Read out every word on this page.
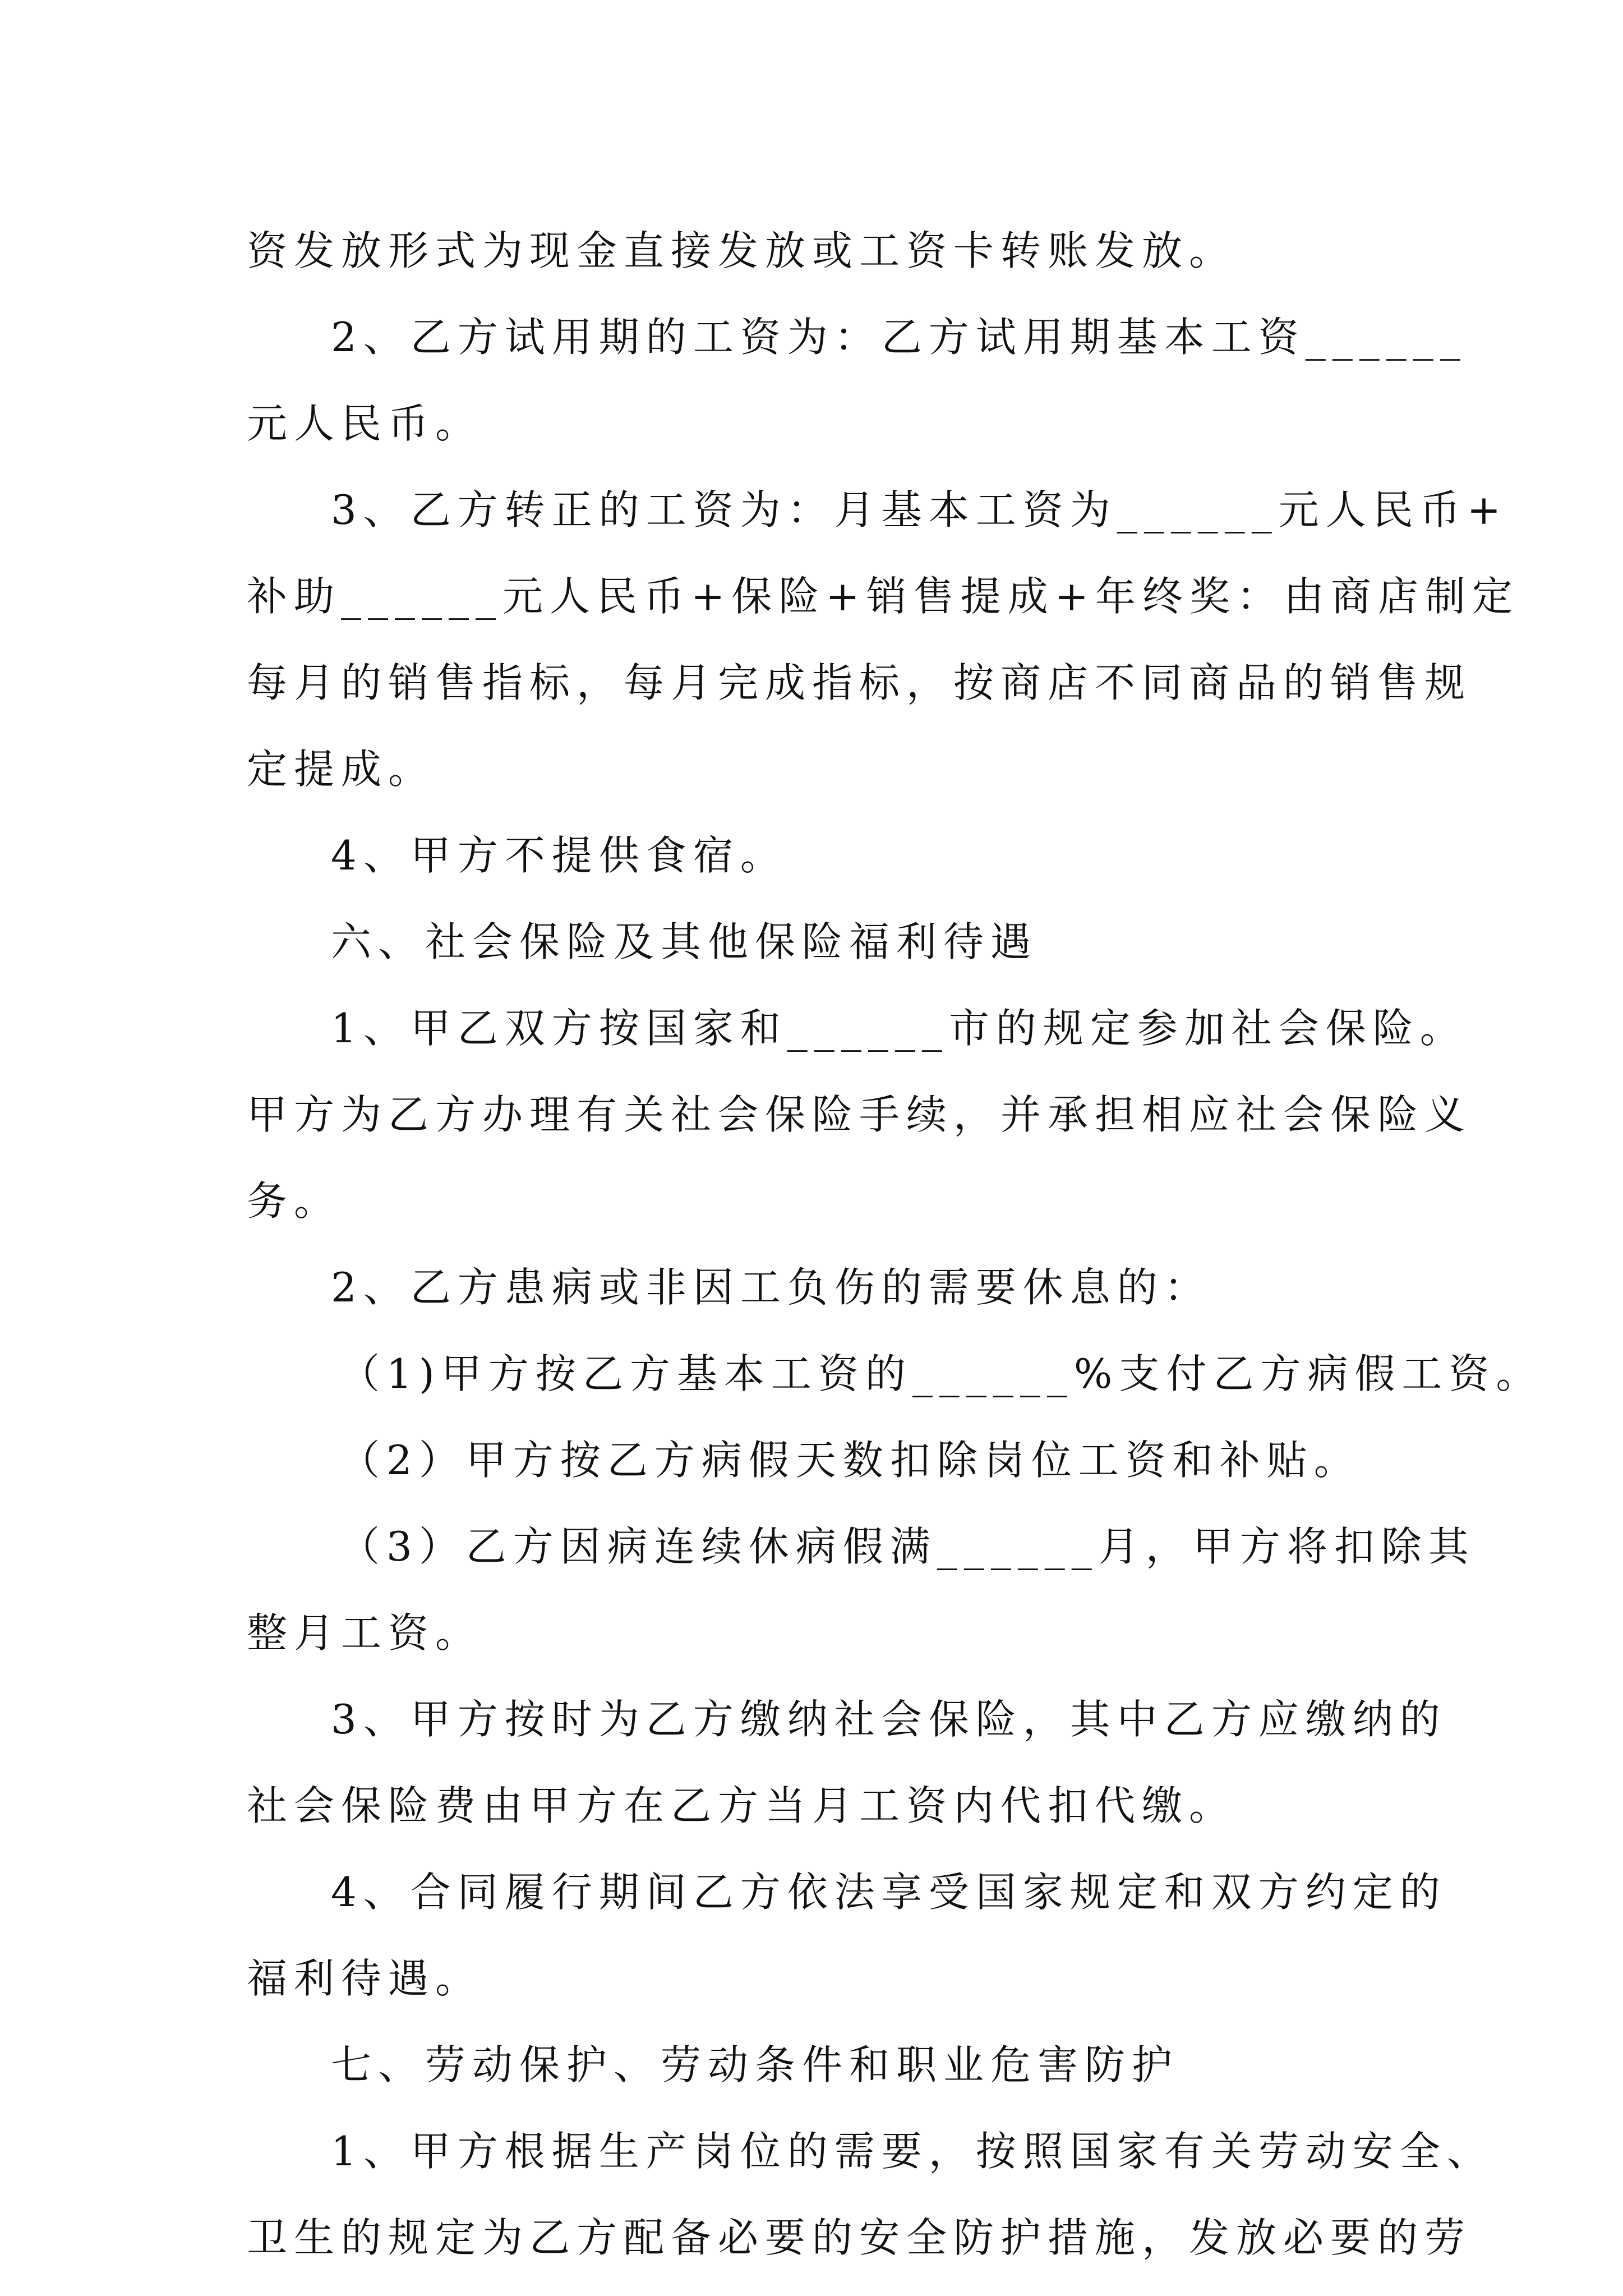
资发放形式为现金直接发放或工资卡转账发放。
2、乙方试用期的工资为：乙方试用期基本工资______
元人民币。
3、乙方转正的工资为：月基本工资为______元人民币+
补助______元人民币+保险+销售提成+年终奖：由商店制定
每月的销售指标，每月完成指标，按商店不同商品的销售规
定提成。
4、甲方不提供食宿。
六、社会保险及其他保险福利待遇
1、甲乙双方按国家和______市的规定参加社会保险。
甲方为乙方办理有关社会保险手续，并承担相应社会保险义
务。
2、乙方患病或非因工负伤的需要休息的：
（1)甲方按乙方基本工资的______%支付乙方病假工资。
（2）甲方按乙方病假天数扣除岗位工资和补贴。
（3）乙方因病连续休病假满______月，甲方将扣除其
整月工资。
3、甲方按时为乙方缴纳社会保险，其中乙方应缴纳的
社会保险费由甲方在乙方当月工资内代扣代缴。
4、合同履行期间乙方依法享受国家规定和双方约定的
福利待遇。
七、劳动保护、劳动条件和职业危害防护
1、甲方根据生产岗位的需要，按照国家有关劳动安全、
卫生的规定为乙方配备必要的安全防护措施，发放必要的劳
